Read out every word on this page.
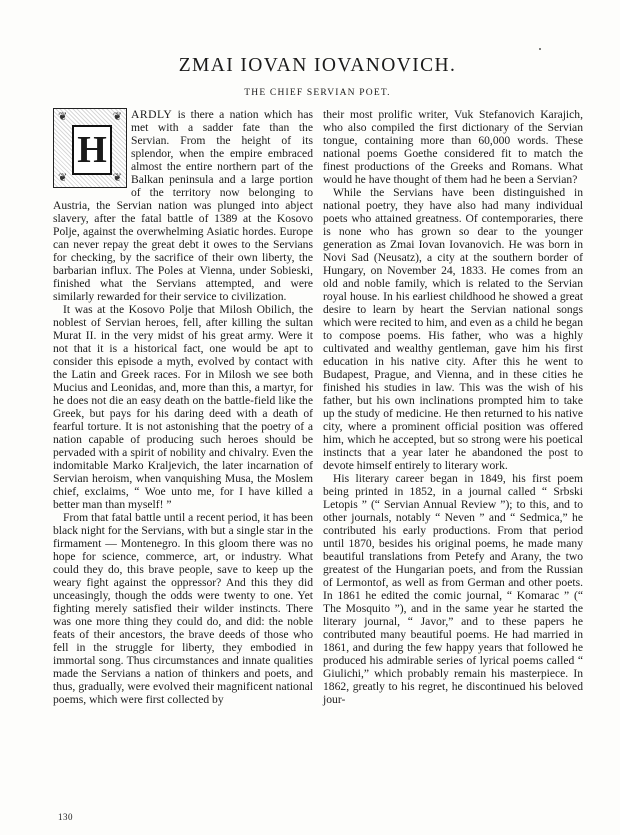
ZMAI IOVAN IOVANOVICH.
THE CHIEF SERVIAN POET.

❦	❦
❦	❦
H
ARDLY is there a nation which has met with a sadder fate than the Servian. From the height of its splendor, when the empire embraced almost the entire northern part of the Balkan peninsula and a large portion of the territory now belonging to Austria, the Servian nation was plunged into abject slavery, after the fatal battle of 1389 at the Kosovo Polje, against the overwhelming Asiatic hordes. Europe can never repay the great debt it owes to the Servians for checking, by the sacrifice of their own liberty, the barbarian influx. The Poles at Vienna, under Sobieski, finished what the Servians attempted, and were similarly rewarded for their service to civilization.

It was at the Kosovo Polje that Milosh Obilich, the noblest of Servian heroes, fell, after killing the sultan Murat II. in the very midst of his great army. Were it not that it is a historical fact, one would be apt to consider this episode a myth, evolved by contact with the Latin and Greek races. For in Milosh we see both Mucius and Leonidas, and, more than this, a martyr, for he does not die an easy death on the battle-field like the Greek, but pays for his daring deed with a death of fearful torture. It is not astonishing that the poetry of a nation capable of producing such heroes should be pervaded with a spirit of nobility and chivalry. Even the indomitable Marko Kraljevich, the later incarnation of Servian heroism, when vanquishing Musa, the Moslem chief, exclaims, “ Woe unto me, for I have killed a better man than myself! ”

From that fatal battle until a recent period, it has been black night for the Servians, with but a single star in the firmament — Montenegro. In this gloom there was no hope for science, commerce, art, or industry. What could they do, this brave people, save to keep up the weary fight against the oppressor? And this they did unceasingly, though the odds were twenty to one. Yet fighting merely satisfied their wilder instincts. There was one more thing they could do, and did: the noble feats of their ancestors, the brave deeds of those who fell in the struggle for liberty, they embodied in immortal song. Thus circumstances and innate qualities made the Servians a nation of thinkers and poets, and thus, gradually, were evolved their magnificent national poems, which were first collected by

their most prolific writer, Vuk Stefanovich Karajich, who also compiled the first dictionary of the Servian tongue, containing more than 60,000 words. These national poems Goethe considered fit to match the finest productions of the Greeks and Romans. What would he have thought of them had he been a Servian?

While the Servians have been distinguished in national poetry, they have also had many individual poets who attained greatness. Of contemporaries, there is none who has grown so dear to the younger generation as Zmai Iovan Iovanovich. He was born in Novi Sad (Neusatz), a city at the southern border of Hungary, on November 24, 1833. He comes from an old and noble family, which is related to the Servian royal house. In his earliest childhood he showed a great desire to learn by heart the Servian national songs which were recited to him, and even as a child he began to compose poems. His father, who was a highly cultivated and wealthy gentleman, gave him his first education in his native city. After this he went to Budapest, Prague, and Vienna, and in these cities he finished his studies in law. This was the wish of his father, but his own inclinations prompted him to take up the study of medicine. He then returned to his native city, where a prominent official position was offered him, which he accepted, but so strong were his poetical instincts that a year later he abandoned the post to devote himself entirely to literary work.

His literary career began in 1849, his first poem being printed in 1852, in a journal called “ Srbski Letopis ” (“ Servian Annual Review ”); to this, and to other journals, notably “ Neven ” and “ Sedmica,” he contributed his early productions. From that period until 1870, besides his original poems, he made many beautiful translations from Petefy and Arany, the two greatest of the Hungarian poets, and from the Russian of Lermontof, as well as from German and other poets. In 1861 he edited the comic journal, “ Komarac ” (“ The Mosquito ”), and in the same year he started the literary journal, “ Javor,” and to these papers he contributed many beautiful poems. He had married in 1861, and during the few happy years that followed he produced his admirable series of lyrical poems called “ Giulichi,” which probably remain his masterpiece. In 1862, greatly to his regret, he discontinued his beloved jour-

130
